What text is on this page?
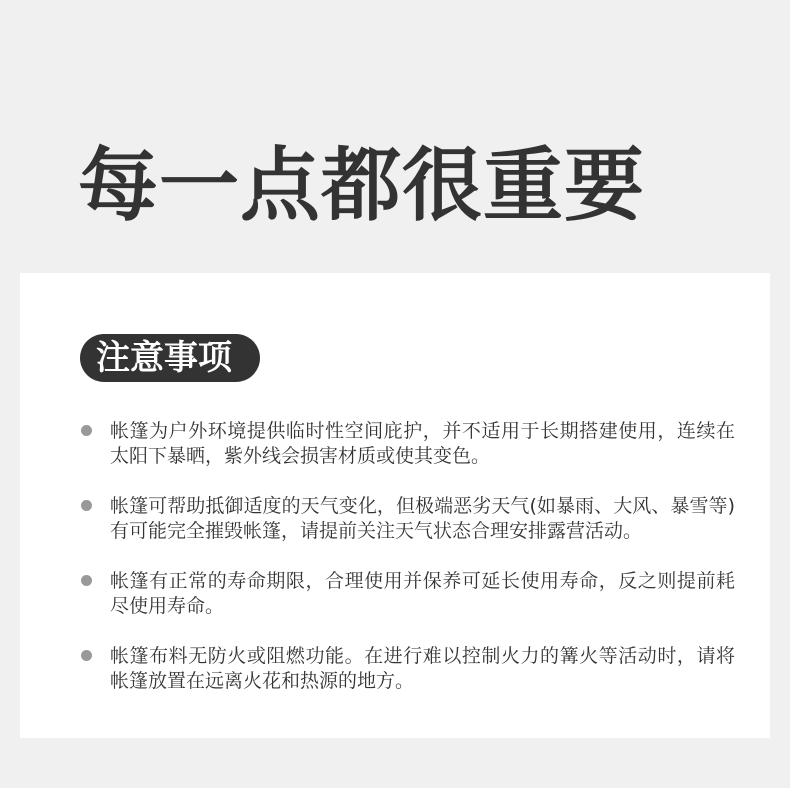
每一点都很重要
注意事项

帐篷为户外环境提供临时性空间庇护，并不适用于长期搭建使用，连续在太阳下暴晒，紫外线会损害材质或使其变色。

帐篷可帮助抵御适度的天气变化，但极端恶劣天气(如暴雨、大风、暴雪等)有可能完全摧毁帐篷，请提前关注天气状态合理安排露营活动。

帐篷有正常的寿命期限，合理使用并保养可延长使用寿命，反之则提前耗尽使用寿命。

帐篷布料无防火或阻燃功能。在进行难以控制火力的篝火等活动时，请将帐篷放置在远离火花和热源的地方。
